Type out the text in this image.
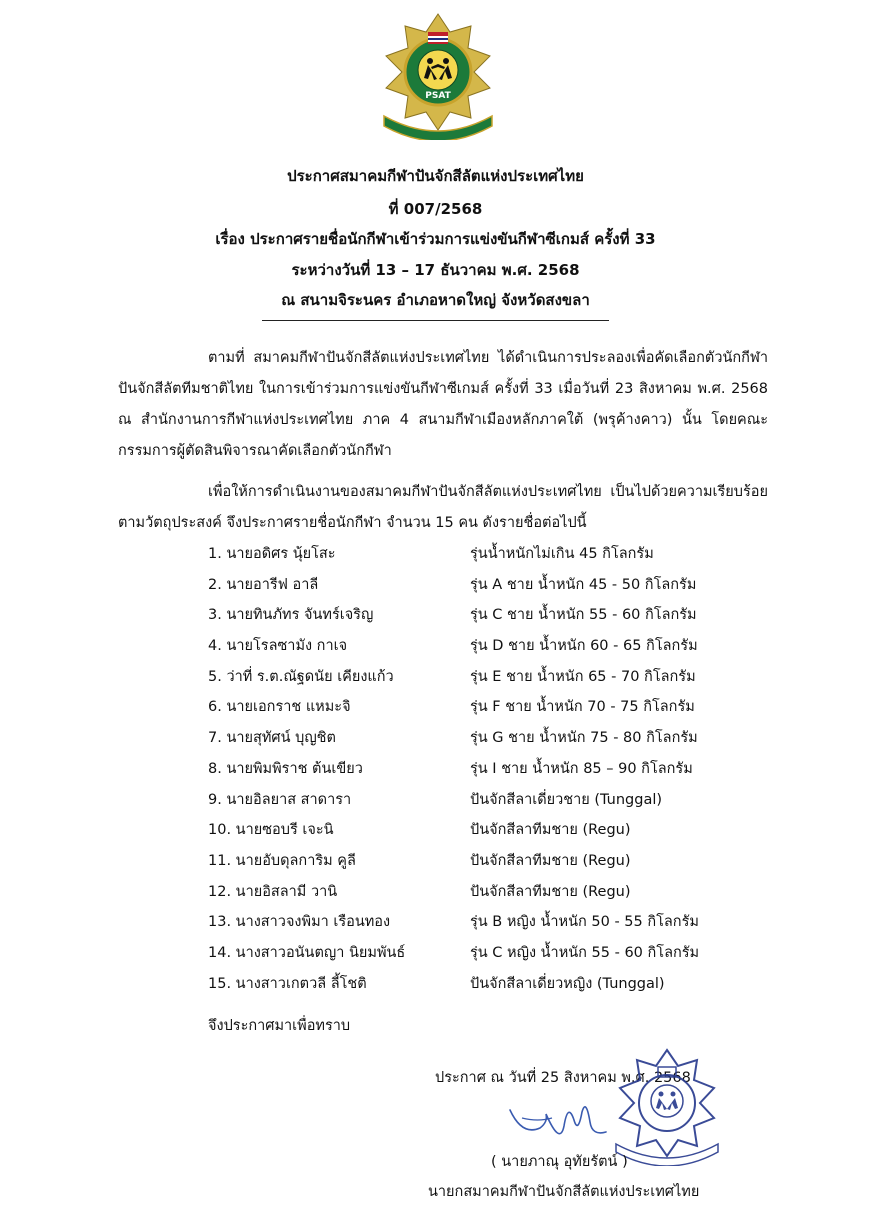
PSAT
ประกาศสมาคมกีฬาปันจักสีลัตแห่งประเทศไทย
ที่ 007/2568
เรื่อง ประกาศรายชื่อนักกีฬาเข้าร่วมการแข่งขันกีฬาซีเกมส์ ครั้งที่ 33
ระหว่างวันที่ 13 – 17 ธันวาคม พ.ศ. 2568
ณ สนามจิระนคร อำเภอหาดใหญ่ จังหวัดสงขลา

ตามที่ สมาคมกีฬาปันจักสีลัตแห่งประเทศไทย ได้ดำเนินการประลองเพื่อคัดเลือกตัวนักกีฬาปันจักสีลัตทีมชาติไทย ในการเข้าร่วมการแข่งขันกีฬาซีเกมส์ ครั้งที่ 33 เมื่อวันที่ 23 สิงหาคม พ.ศ. 2568 ณ สำนักงานการกีฬาแห่งประเทศไทย ภาค 4 สนามกีฬาเมืองหลักภาคใต้ (พรุค้างคาว) นั้น โดยคณะกรรมการผู้ตัดสินพิจารณาคัดเลือกตัวนักกีฬา

เพื่อให้การดำเนินงานของสมาคมกีฬาปันจักสีลัตแห่งประเทศไทย เป็นไปด้วยความเรียบร้อย ตามวัตถุประสงค์ จึงประกาศรายชื่อนักกีฬา จำนวน 15 คน ดังรายชื่อต่อไปนี้

1. นายอดิศร นุ้ยโสะ	รุ่นน้ำหนักไม่เกิน 45 กิโลกรัม
2. นายอารีฟ อาลี	รุ่น A ชาย น้ำหนัก 45 - 50 กิโลกรัม
3. นายทินภัทร จันทร์เจริญ	รุ่น C ชาย น้ำหนัก 55 - 60 กิโลกรัม
4. นายโรลซามัง กาเจ	รุ่น D ชาย น้ำหนัก 60 - 65 กิโลกรัม
5. ว่าที่ ร.ต.ณัฐดนัย เคียงแก้ว	รุ่น E ชาย น้ำหนัก 65 - 70 กิโลกรัม
6. นายเอกราช แหมะจิ	รุ่น F ชาย น้ำหนัก 70 - 75 กิโลกรัม
7. นายสุทัศน์ บุญชิต	รุ่น G ชาย น้ำหนัก 75 - 80 กิโลกรัม
8. นายพิมพิราช ต้นเขียว	รุ่น I ชาย น้ำหนัก 85 – 90 กิโลกรัม
9. นายอิลยาส สาดารา	ปันจักสีลาเดี่ยวชาย (Tunggal)
10. นายซอบรี เจะนิ	ปันจักสีลาทีมชาย (Regu)
11. นายอับดุลการิม คูลี	ปันจักสีลาทีมชาย (Regu)
12. นายอิสลามี วานิ	ปันจักสีลาทีมชาย (Regu)
13. นางสาวจงพิมา เรือนทอง	รุ่น B หญิง น้ำหนัก 50 - 55 กิโลกรัม
14. นางสาวอนันตญา นิยมพันธ์	รุ่น C หญิง น้ำหนัก 55 - 60 กิโลกรัม
15. นางสาวเกตวลี ลี้โชติ	ปันจักสีลาเดี่ยวหญิง (Tunggal)
จึงประกาศมาเพื่อทราบ
ประกาศ ณ วันที่ 25 สิงหาคม พ.ศ. 2568
( นายภาณุ อุทัยรัตน์ )
นายกสมาคมกีฬาปันจักสีลัตแห่งประเทศไทย
